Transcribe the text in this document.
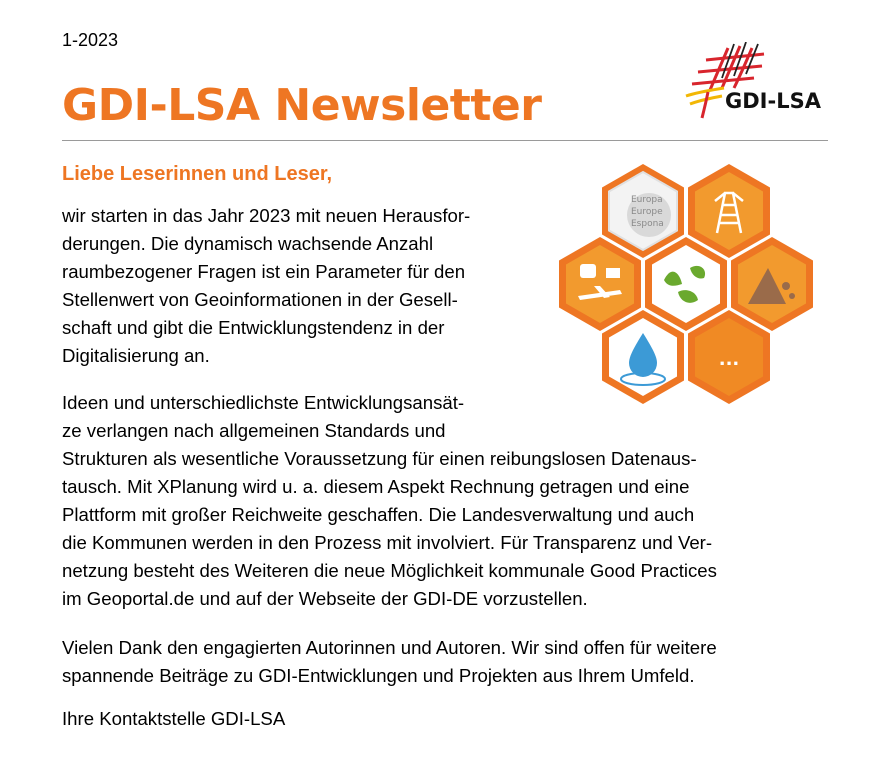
1-2023
GDI-LSA Newsletter	GDI-LSA
Liebe Leserinnen und Leser,
wir starten in das Jahr 2023 mit neuen Herausfor-
derungen. Die dynamisch wachsende Anzahl
raumbezogener Fragen ist ein Parameter für den
Stellenwert von Geoinformationen in der Gesell-
schaft und gibt die Entwicklungstendenz in der
Digitalisierung an.
Ideen und unterschiedlichste Entwicklungsansät-
ze verlangen nach allgemeinen Standards und
Strukturen als wesentliche Voraussetzung für einen reibungslosen Datenaus-
tausch. Mit XPlanung wird u. a. diesem Aspekt Rechnung getragen und eine
Plattform mit großer Reichweite geschaffen. Die Landesverwaltung und auch
die Kommunen werden in den Prozess mit involviert. Für Transparenz und Ver-
netzung besteht des Weiteren die neue Möglichkeit kommunale Good Practices
im Geoportal.de und auf der Webseite der GDI-DE vorzustellen.
Vielen Dank den engagierten Autorinnen und Autoren. Wir sind offen für weitere
spannende Beiträge zu GDI-Entwicklungen und Projekten aus Ihrem Umfeld.
Ihre Kontaktstelle GDI-LSA
Europa
Europe
Espona
...
